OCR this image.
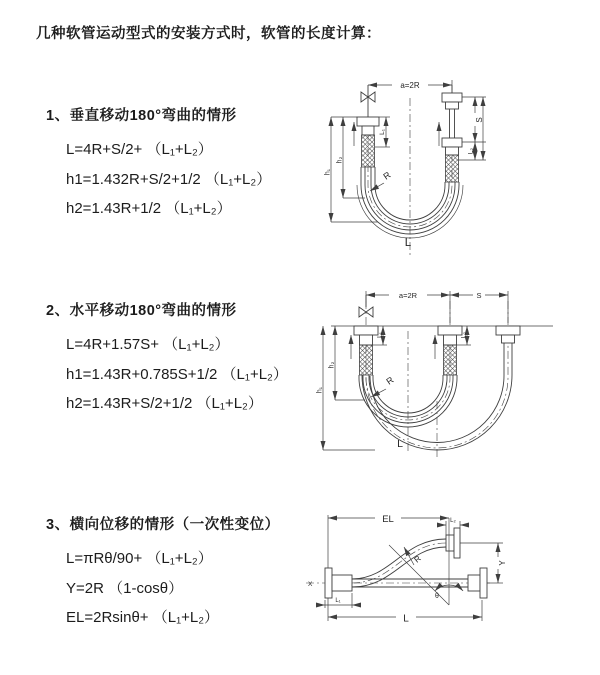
几种软管运动型式的安装方式时，软管的长度计算：

1、垂直移动180°弯曲的情形

L=4R+S/2+ （L₁+L₂）

h1=1.432R+S/2+1/2 （L₁+L₂）

h2=1.43R+1/2 （L₁+L₂）

2、水平移动180°弯曲的情形

L=4R+1.57S+ （L₁+L₂）

h1=1.43R+0.785S+1/2 （L₁+L₂）

h2=1.43R+S/2+1/2 （L₁+L₂）

3、横向位移的情形（一次性变位）

L=πRθ/90+ （L₁+L₂）

Y=2R （1-cosθ）

EL=2Rsinθ+ （L₁+L₂）

a=2R
S
L₂
L₁
h₁
h₂
R
L
a=2R	S
L₁	L₂
h₁
h₂
R
L
X
EL	L₂
Y
θ
R
L₁
L
